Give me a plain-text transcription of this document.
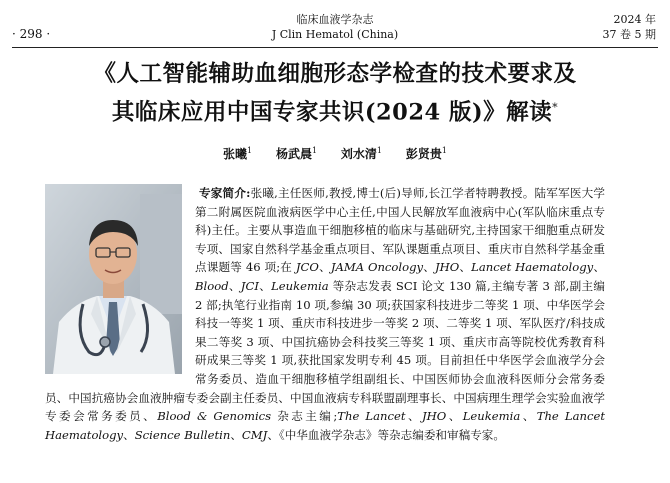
· 298 ·
临床血液学杂志
J Clin Hematol (China)
2024 年
37 卷 5 期
《人工智能辅助血细胞形态学检查的技术要求及
其临床应用中国专家共识(2024 版)》解读*
张曦$^1$ 杨武晨$^1$ 刘水清$^1$ 彭贤贵$^1$
专家简介:张曦,主任医师,教授,博士(后)导师,长江学者特聘教授。陆军军医大学第二附属医院血液病医学中心主任,中国人民解放军血液病中心(军队临床重点专科)主任。主要从事造血干细胞移植的临床与基础研究,主持国家干细胞重点研发专项、国家自然科学基金重点项目、军队课题重点项目、重庆市自然科学基金重点课题等 46 项;在 JCO、JAMA Oncology、JHO、Lancet Haematology、Blood、JCI、Leukemia 等杂志发表 SCI 论文 130 篇,主编专著 3 部,副主编 2 部;执笔行业指南 10 项,参编 30 项;获国家科技进步二等奖 1 项、中华医学会科技一等奖 1 项、重庆市科技进步一等奖 2 项、二等奖 1 项、军队医疗/科技成果二等奖 3 项、中国抗癌协会科技奖三等奖 1 项、重庆市高等院校优秀教育科研成果三等奖 1 项,获批国家发明专利 45 项。目前担任中华医学会血液学分会常务委员、造血干细胞移植学组副组长、中国医师协会血液科医师分会常务委员、中国抗癌协会血液肿瘤专委会副主任委员、中国血液病专科联盟副理事长、中国病理生理学会实验血液学专委会常务委员、Blood & Genomics 杂志主编;The Lancet、JHO、Leukemia、The Lancet Haematology、Science Bulletin、CMJ、《中华血液学杂志》等杂志编委和审稿专家。
